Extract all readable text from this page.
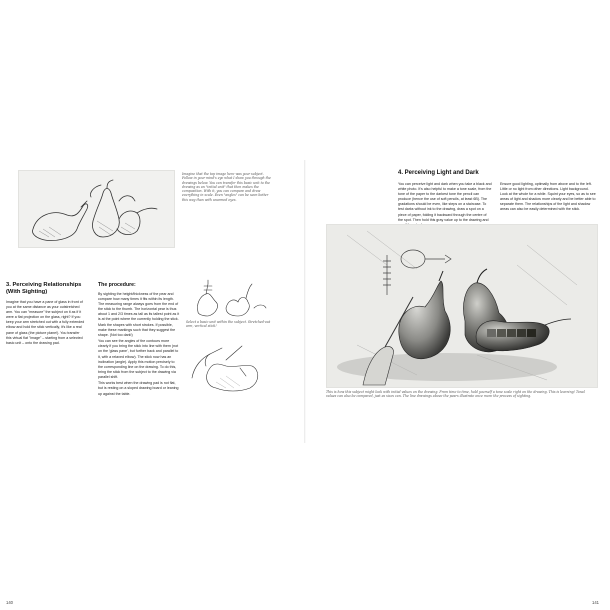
Imagine that the top image here was your subject. Follow in your mind's eye what I show you through the drawings below. You can transfer this basic unit to the drawing as an "initial unit" that then makes the composition. With it, you can compare and draw everything in scale. Even "angles" can be seen better this way than with unarmed eyes.
3. Perceiving Relationships (With Sighting)

Imagine that you have a pane of glass in front of you at the same distance as your outstretched arm. You can "measure" the subject on it as if it were a flat projection on the glass, right? If you keep your arm stretched out with a fully extended elbow and hold the stick vertically, it's like a real pane of glass (the picture plane!). You transfer this virtual flat "image" – starting from a selected basic unit – onto the drawing pad.

The procedure:

By sighting the height/thickness of the pear and compare how many times it fits within its length. The measuring range always goes from the end of the stick to the thumb. The horizontal pear is thus about 1 and 2/3 times as tall as its tallest point as it is at the point where the currently holding the stick. Mark the shapes with short strokes. If possible, make these markings such that they suggest the shape. (Not too dark!)

You can see the angles of the contours more clearly if you bring the stick into line with them (not on the 'glass pane', but further back and parallel to it, with a relaxed elbow). The stick now has an inclination (angle). Apply this motion precisely to the corresponding line on the drawing. To do this, bring the stick from the subject to the drawing via parallel shift.

This works best when the drawing pad is not flat, but is resting on a sloped drawing board or leaning up against the table.

Select a basic unit within the subject. Stretched-out arm, vertical stick!
140
4. Perceiving Light and Dark

You can perceive light and dark when you take a black and white photo. It's also helpful to make a tone scale, from the tone of the paper to the darkest tone the pencil can produce (hence the use of soft pencils, at least 6B). The gradations should be even, like steps on a staircase. To test darks without ink to the drawing, draw a spot on a piece of paper, folding it backward through the centre of the spot. Then hold this gray value up to the drawing and

Ensure good lighting, optimally from above and to the left. Little or no light from other directions. Light background. Look at the whole for a while. Squint your eyes, so as to see areas of light and shadow more clearly and be better able to separate them. The relationships of the light and shadow areas can also be easily determined with the stick.

This is how this subject might look with initial values on the drawing. From time to time, hold yourself a tone scale right on the drawing. This is learning! Tonal values can also be compared, just as sizes can. The line drawings above the pears illustrate once more the process of sighting.
141
